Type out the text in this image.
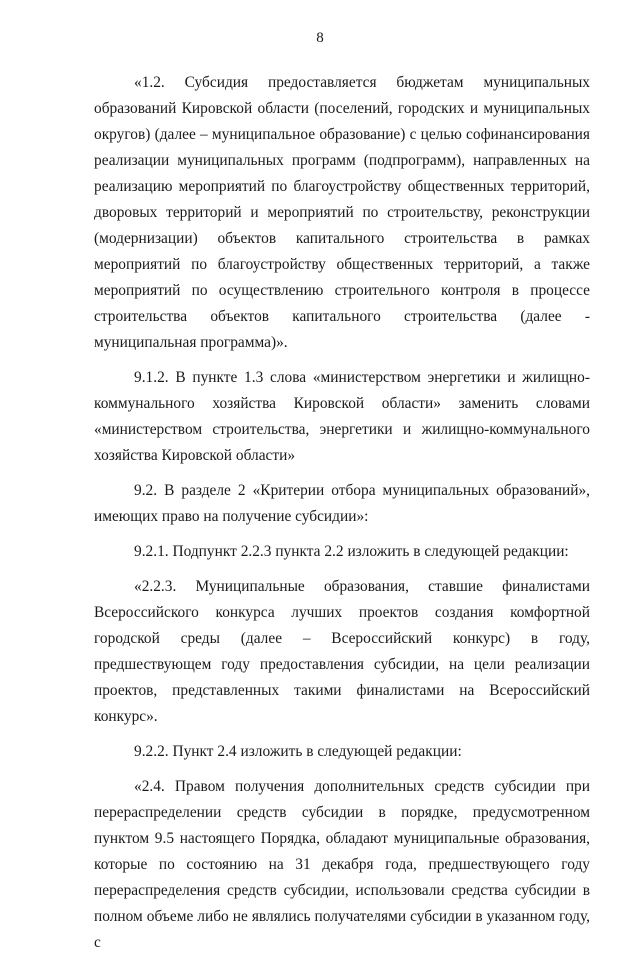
8

«1.2. Субсидия предоставляется бюджетам муниципальных образований Кировской области (поселений, городских и муниципальных округов) (далее – муниципальное образование) с целью софинансирования реализации муниципальных программ (подпрограмм), направленных на реализацию мероприятий по благоустройству общественных территорий, дворовых территорий и мероприятий по строительству, реконструкции (модернизации) объектов капитального строительства в рамках мероприятий по благоустройству общественных территорий, а также мероприятий по осуществлению строительного контроля в процессе строительства объектов капитального строительства (далее - муниципальная программа)».

9.1.2. В пункте 1.3 слова «министерством энергетики и жилищно-коммунального хозяйства Кировской области» заменить словами «министерством строительства, энергетики и жилищно-коммунального хозяйства Кировской области»

9.2. В разделе 2 «Критерии отбора муниципальных образований», имеющих право на получение субсидии»:

9.2.1. Подпункт 2.2.3 пункта 2.2 изложить в следующей редакции:

«2.2.3. Муниципальные образования, ставшие финалистами Всероссийского конкурса лучших проектов создания комфортной городской среды (далее – Всероссийский конкурс) в году, предшествующем году предоставления субсидии, на цели реализации проектов, представленных такими финалистами на Всероссийский конкурс».

9.2.2. Пункт 2.4 изложить в следующей редакции:

«2.4. Правом получения дополнительных средств субсидии при перераспределении средств субсидии в порядке, предусмотренном пунктом 9.5 настоящего Порядка, обладают муниципальные образования, которые по состоянию на 31 декабря года, предшествующего году перераспределения средств субсидии, использовали средства субсидии в полном объеме либо не являлись получателями субсидии в указанном году, с
